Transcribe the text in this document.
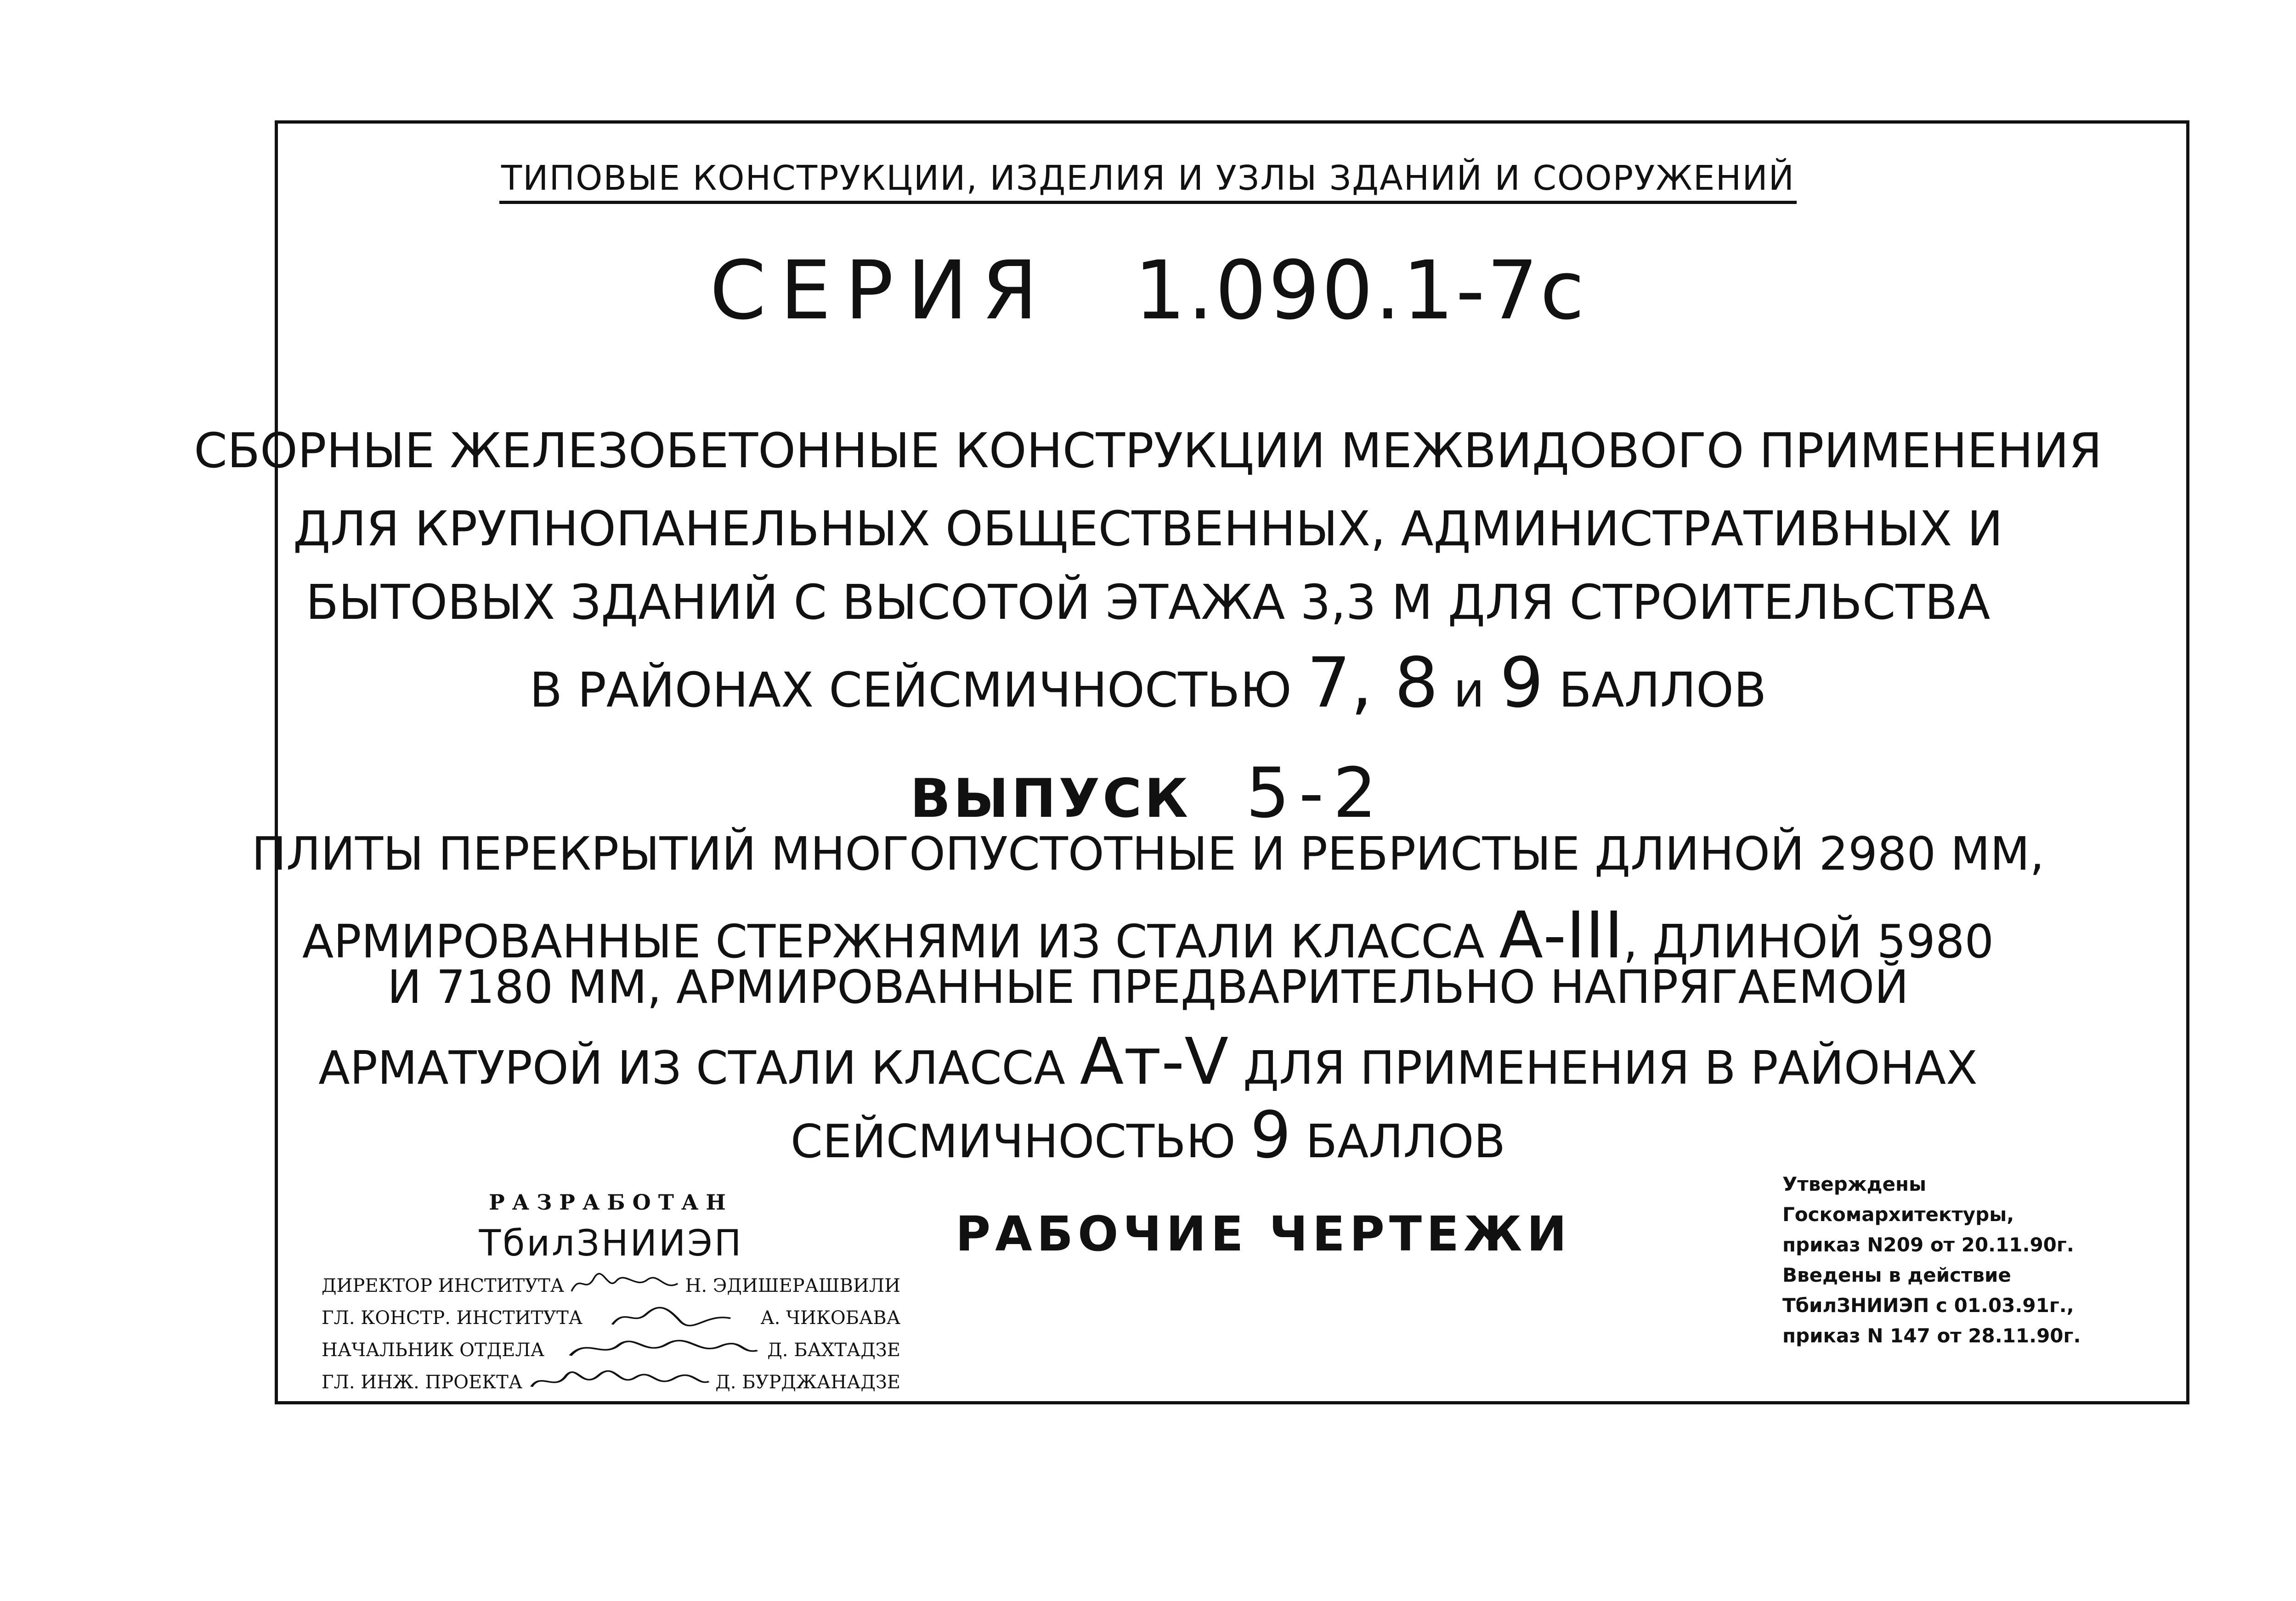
ТИПОВЫЕ КОНСТРУКЦИИ, ИЗДЕЛИЯ И УЗЛЫ ЗДАНИЙ И СООРУЖЕНИЙ
СЕРИЯ 1.090.1-7с
СБОРНЫЕ ЖЕЛЕЗОБЕТОННЫЕ КОНСТРУКЦИИ МЕЖВИДОВОГО ПРИМЕНЕНИЯ
ДЛЯ КРУПНОПАНЕЛЬНЫХ ОБЩЕСТВЕННЫХ, АДМИНИСТРАТИВНЫХ И
БЫТОВЫХ ЗДАНИЙ С ВЫСОТОЙ ЭТАЖА 3,3 М ДЛЯ СТРОИТЕЛЬСТВА
В РАЙОНАХ СЕЙСМИЧНОСТЬЮ 7, 8 и 9 БАЛЛОВ
ВЫПУСК 5-2
ПЛИТЫ ПЕРЕКРЫТИЙ МНОГОПУСТОТНЫЕ И РЕБРИСТЫЕ ДЛИНОЙ 2980 ММ,
АРМИРОВАННЫЕ СТЕРЖНЯМИ ИЗ СТАЛИ КЛАССА А-III, ДЛИНОЙ 5980
И 7180 ММ, АРМИРОВАННЫЕ ПРЕДВАРИТЕЛЬНО НАПРЯГАЕМОЙ
АРМАТУРОЙ ИЗ СТАЛИ КЛАССА Ат-V ДЛЯ ПРИМЕНЕНИЯ В РАЙОНАХ
СЕЙСМИЧНОСТЬЮ 9 БАЛЛОВ
РАЗРАБОТАН
ТбилЗНИИЭП
ДИРЕКТОР ИНСТИТУТА	Н. ЭДИШЕРАШВИЛИ
ГЛ. КОНСТР. ИНСТИТУТА	А. ЧИКОБАВА
НАЧАЛЬНИК ОТДЕЛА	Д. БАХТАДЗЕ
ГЛ. ИНЖ. ПРОЕКТА	Д. БУРДЖАНАДЗЕ
РАБОЧИЕ ЧЕРТЕЖИ
Утверждены
Госкомархитектуры,
приказ N209 от 20.11.90г.
Введены в действие
ТбилЗНИИЭП с 01.03.91г.,
приказ N 147 от 28.11.90г.
